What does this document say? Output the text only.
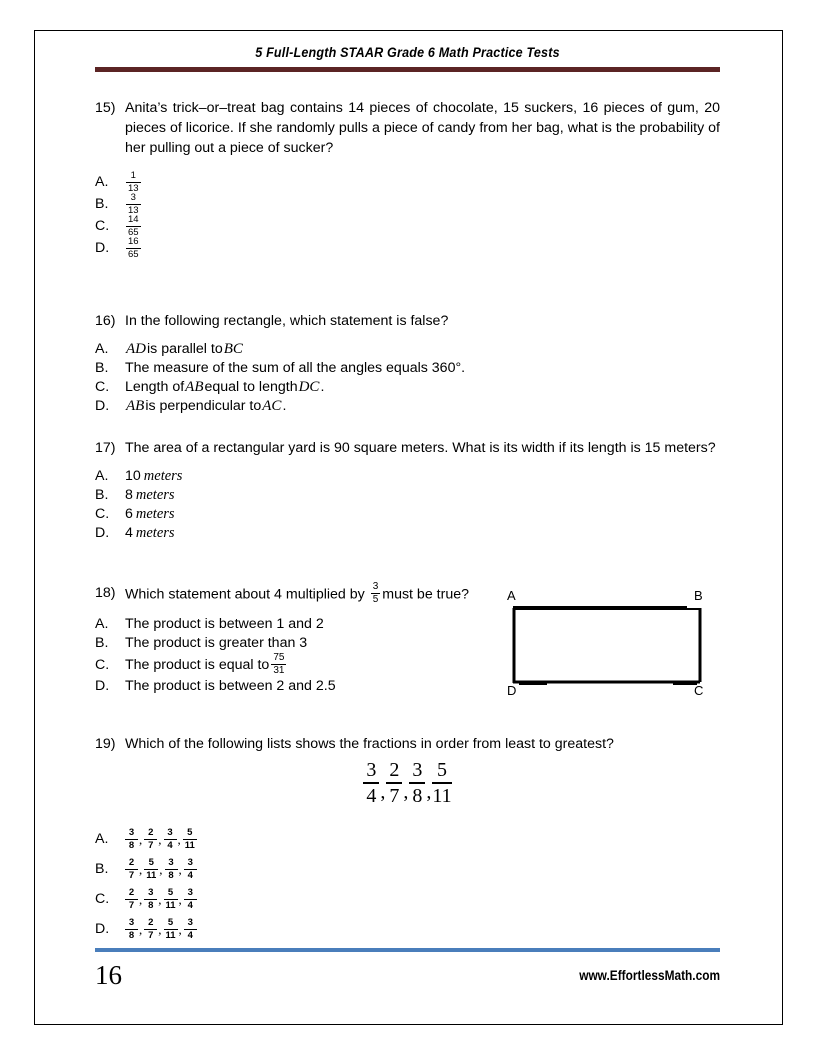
5 Full-Length STAAR Grade 6 Math Practice Tests
15) Anita’s trick–or–treat bag contains 14 pieces of chocolate, 15 suckers, 16 pieces of gum, 20 pieces of licorice. If she randomly pulls a piece of candy from her bag, what is the probability of her pulling out a piece of sucker?
A.	$\frac{1}{13}$
B.	$\frac{3}{13}$
C.	$\frac{14}{65}$
D.	$\frac{16}{65}$
16) In the following rectangle, which statement is false?
A.	AD is parallel to BC
B.	The measure of the sum of all the angles equals 360°.
C.	Length of AB equal to length DC .
D.	AB is perpendicular to AC .
A	B
C
D
17) The area of a rectangular yard is 90 square meters. What is its width if its length is 15 meters?
A.	10 meters
B.	8 meters
C.	6 meters
D.	4 meters
18) Which statement about 4 multiplied by $\frac{3}{5}$ must be true?
A.	The product is between 1 and 2
B.	The product is greater than 3
C.	The product is equal to $\frac{75}{31}$
D.	The product is between 2 and 2.5
19) Which of the following lists shows the fractions in order from least to greatest?
$\frac{3}{4}$ , $\frac{2}{7}$ , $\frac{3}{8}$ , $\frac{5}{11}$
A.	$\frac{3}{8}$ , $\frac{2}{7}$ , $\frac{3}{4}$ , $\frac{5}{11}$
B.	$\frac{2}{7}$ , $\frac{5}{11}$ , $\frac{3}{8}$ , $\frac{3}{4}$
C.	$\frac{2}{7}$ , $\frac{3}{8}$ , $\frac{5}{11}$ , $\frac{3}{4}$
D.	$\frac{3}{8}$ , $\frac{2}{7}$ , $\frac{5}{11}$ , $\frac{3}{4}$
16	www.EffortlessMath.com
